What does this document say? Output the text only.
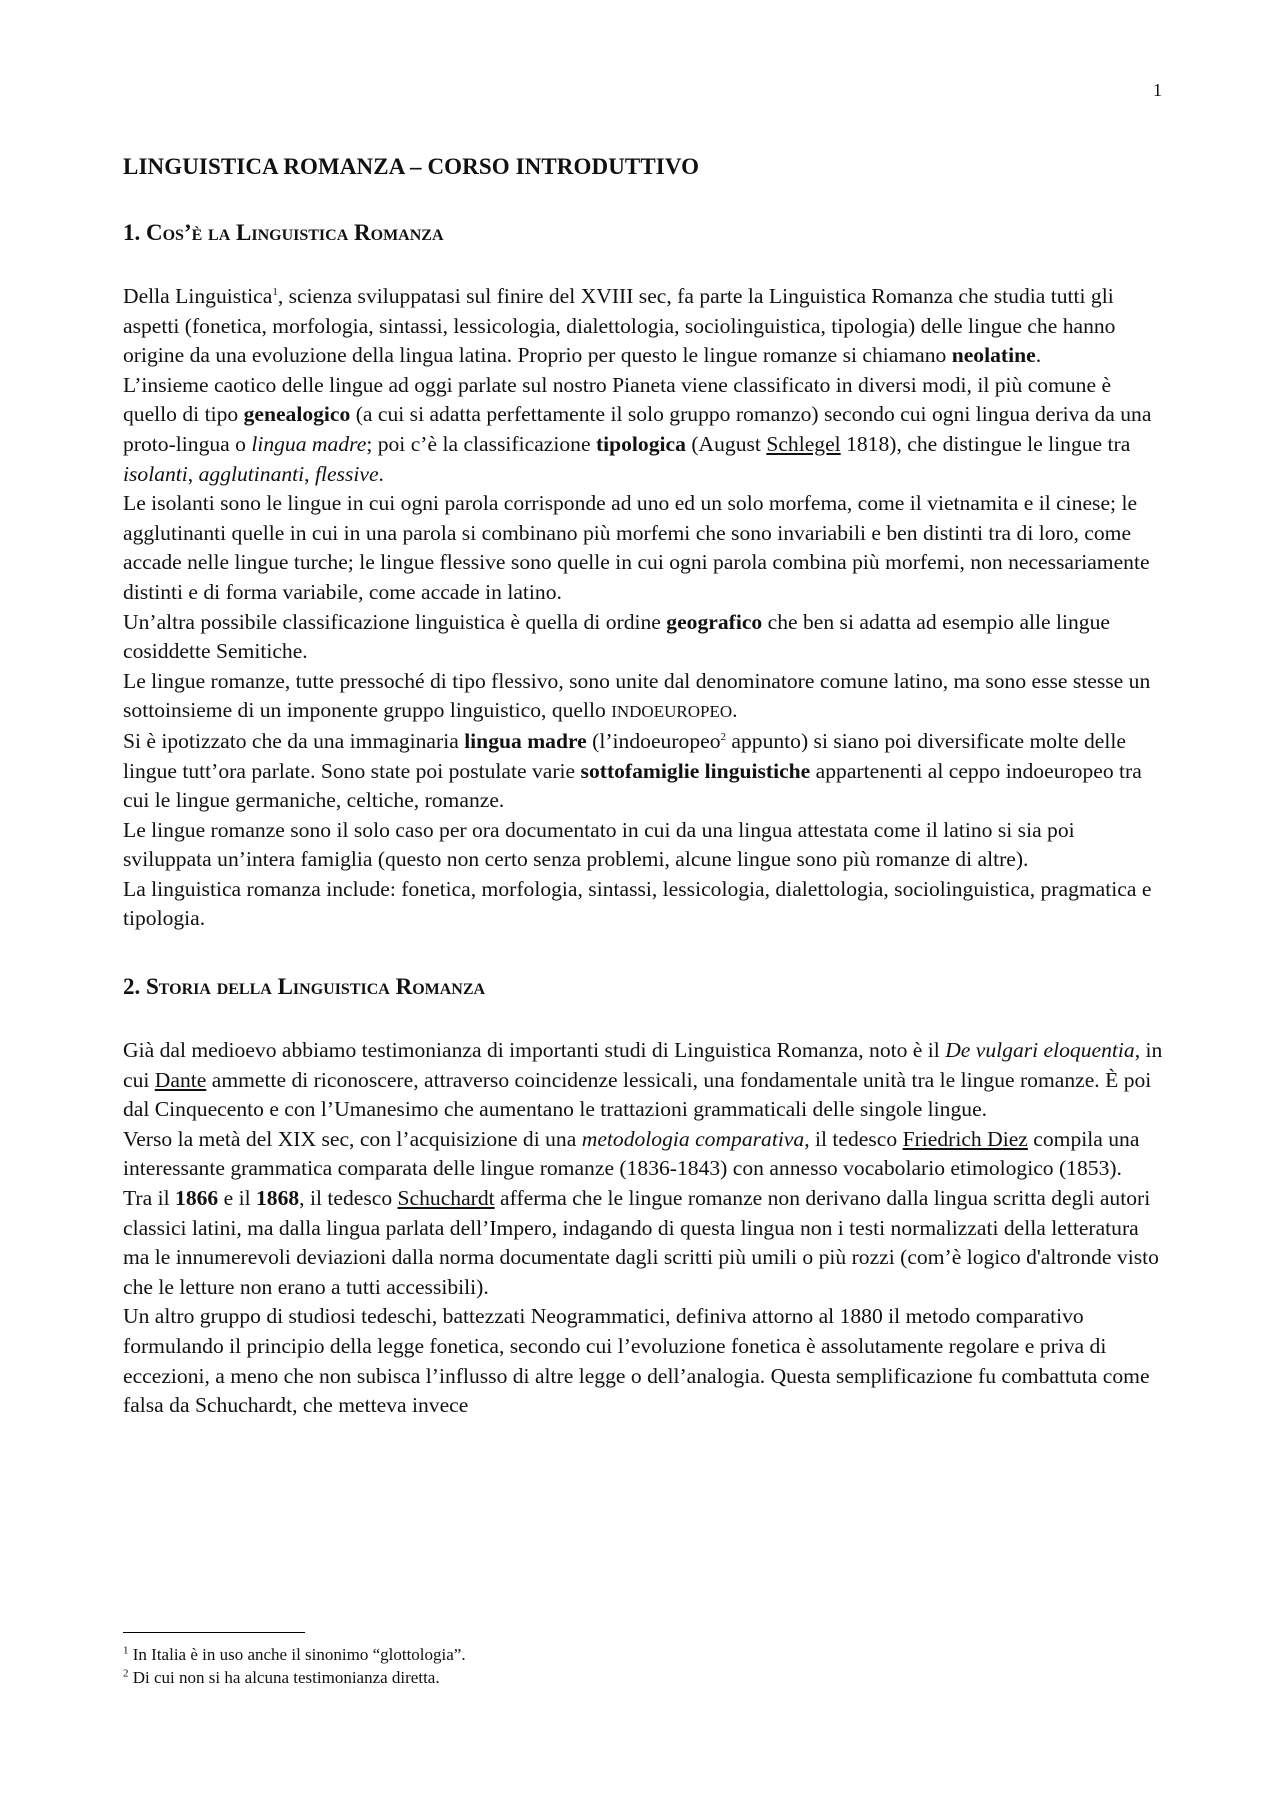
1
LINGUISTICA ROMANZA – CORSO INTRODUTTIVO
1. Cos’è la Linguistica Romanza

Della Linguistica$^1$, scienza sviluppatasi sul finire del XVIII sec, fa parte la Linguistica Romanza che studia tutti gli aspetti (fonetica, morfologia, sintassi, lessicologia, dialettologia, sociolinguistica, tipologia) delle lingue che hanno origine da una evoluzione della lingua latina. Proprio per questo le lingue romanze si chiamano neolatine.

L’insieme caotico delle lingue ad oggi parlate sul nostro Pianeta viene classificato in diversi modi, il più comune è quello di tipo genealogico (a cui si adatta perfettamente il solo gruppo romanzo) secondo cui ogni lingua deriva da una proto-lingua o lingua madre; poi c’è la classificazione tipologica (August Schlegel 1818), che distingue le lingue tra isolanti, agglutinanti, flessive.

Le isolanti sono le lingue in cui ogni parola corrisponde ad uno ed un solo morfema, come il vietnamita e il cinese; le agglutinanti quelle in cui in una parola si combinano più morfemi che sono invariabili e ben distinti tra di loro, come accade nelle lingue turche; le lingue flessive sono quelle in cui ogni parola combina più morfemi, non necessariamente distinti e di forma variabile, come accade in latino.

Un’altra possibile classificazione linguistica è quella di ordine geografico che ben si adatta ad esempio alle lingue cosiddette Semitiche.

Le lingue romanze, tutte pressoché di tipo flessivo, sono unite dal denominatore comune latino, ma sono esse stesse un sottoinsieme di un imponente gruppo linguistico, quello INDOEUROPEO.

Si è ipotizzato che da una immaginaria lingua madre (l’indoeuropeo$^2$ appunto) si siano poi diversificate molte delle lingue tutt’ora parlate. Sono state poi postulate varie sottofamiglie linguistiche appartenenti al ceppo indoeuropeo tra cui le lingue germaniche, celtiche, romanze.

Le lingue romanze sono il solo caso per ora documentato in cui da una lingua attestata come il latino si sia poi sviluppata un’intera famiglia (questo non certo senza problemi, alcune lingue sono più romanze di altre).

La linguistica romanza include: fonetica, morfologia, sintassi, lessicologia, dialettologia, sociolinguistica, pragmatica e tipologia.

2. Storia della Linguistica Romanza

Già dal medioevo abbiamo testimonianza di importanti studi di Linguistica Romanza, noto è il De vulgari eloquentia, in cui Dante ammette di riconoscere, attraverso coincidenze lessicali, una fondamentale unità tra le lingue romanze. È poi dal Cinquecento e con l’Umanesimo che aumentano le trattazioni grammaticali delle singole lingue.

Verso la metà del XIX sec, con l’acquisizione di una metodologia comparativa, il tedesco Friedrich Diez compila una interessante grammatica comparata delle lingue romanze (1836-1843) con annesso vocabolario etimologico (1853).

Tra il 1866 e il 1868, il tedesco Schuchardt afferma che le lingue romanze non derivano dalla lingua scritta degli autori classici latini, ma dalla lingua parlata dell’Impero, indagando di questa lingua non i testi normalizzati della letteratura ma le innumerevoli deviazioni dalla norma documentate dagli scritti più umili o più rozzi (com’è logico d'altronde visto che le letture non erano a tutti accessibili).

Un altro gruppo di studiosi tedeschi, battezzati Neogrammatici, definiva attorno al 1880 il metodo comparativo formulando il principio della legge fonetica, secondo cui l’evoluzione fonetica è assolutamente regolare e priva di eccezioni, a meno che non subisca l’influsso di altre legge o dell’analogia. Questa semplificazione fu combattuta come falsa da Schuchardt, che metteva invece

$^1$ In Italia è in uso anche il sinonimo “glottologia”.
$^2$ Di cui non si ha alcuna testimonianza diretta.
